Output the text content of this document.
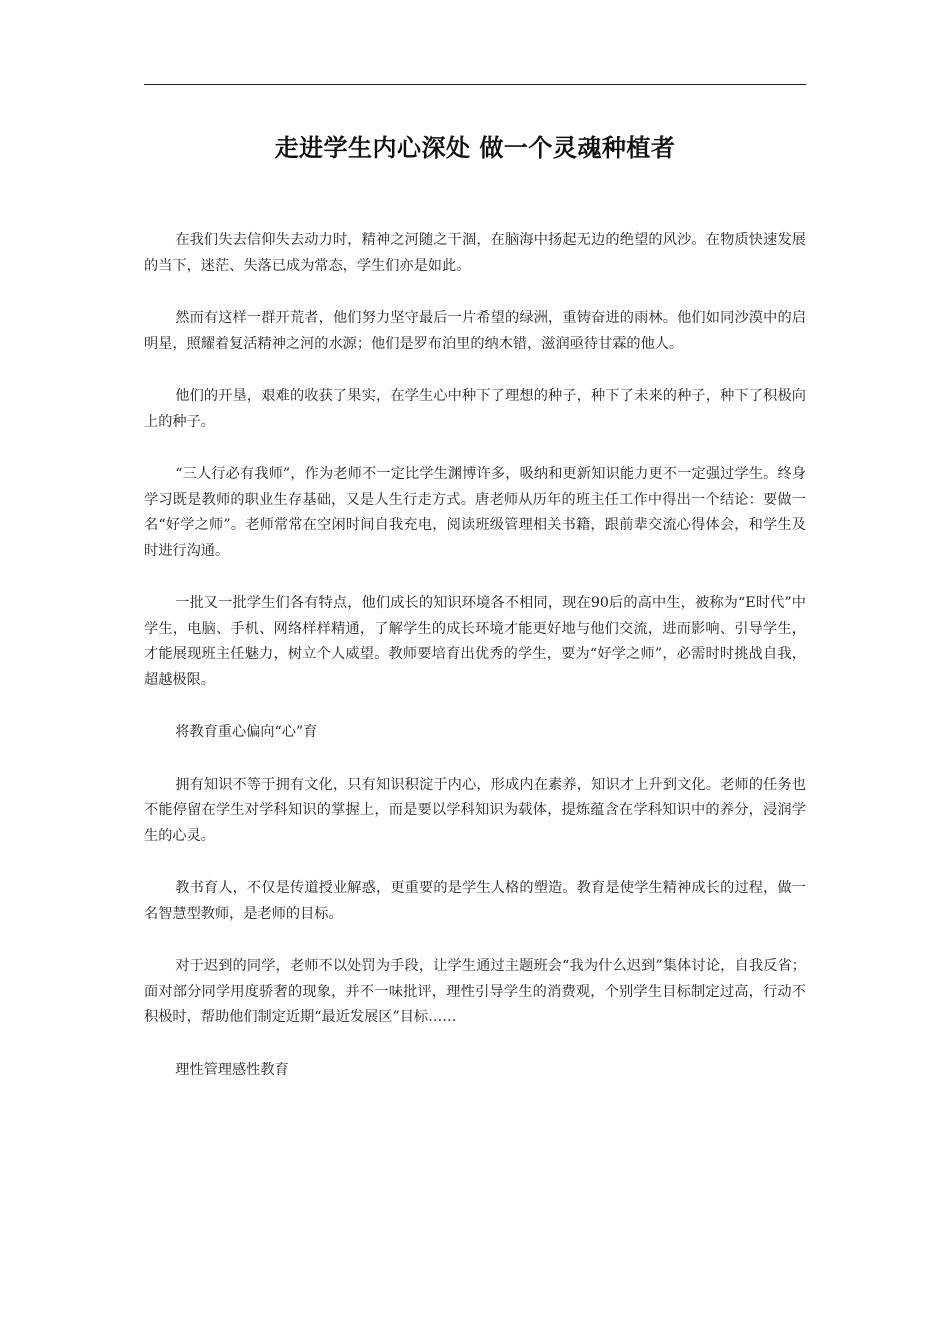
走进学生内心深处 做一个灵魂种植者

在我们失去信仰失去动力时，精神之河随之干涸，在脑海中扬起无边的绝望的风沙。在物质快速发展的当下，迷茫、失落已成为常态，学生们亦是如此。

然而有这样一群开荒者，他们努力坚守最后一片希望的绿洲，重铸奋进的雨林。他们如同沙漠中的启明星，照耀着复活精神之河的水源；他们是罗布泊里的纳木错，滋润亟待甘霖的他人。

他们的开垦，艰难的收获了果实，在学生心中种下了理想的种子，种下了未来的种子，种下了积极向上的种子。

“三人行必有我师”，作为老师不一定比学生渊博许多，吸纳和更新知识能力更不一定强过学生。终身学习既是教师的职业生存基础，又是人生行走方式。唐老师从历年的班主任工作中得出一个结论：要做一名“好学之师”。老师常常在空闲时间自我充电，阅读班级管理相关书籍，跟前辈交流心得体会，和学生及时进行沟通。

一批又一批学生们各有特点，他们成长的知识环境各不相同，现在90后的高中生，被称为“E时代”中学生，电脑、手机、网络样样精通，了解学生的成长环境才能更好地与他们交流，进而影响、引导学生，才能展现班主任魅力，树立个人威望。教师要培育出优秀的学生，要为“好学之师”，必需时时挑战自我，超越极限。

将教育重心偏向“心”育

拥有知识不等于拥有文化，只有知识积淀于内心，形成内在素养，知识才上升到文化。老师的任务也不能停留在学生对学科知识的掌握上，而是要以学科知识为载体，提炼蕴含在学科知识中的养分，浸润学生的心灵。

教书育人，不仅是传道授业解惑，更重要的是学生人格的塑造。教育是使学生精神成长的过程，做一名智慧型教师，是老师的目标。

对于迟到的同学，老师不以处罚为手段，让学生通过主题班会“我为什么迟到”集体讨论，自我反省；面对部分同学用度骄奢的现象，并不一味批评，理性引导学生的消费观，个别学生目标制定过高，行动不积极时，帮助他们制定近期“最近发展区”目标……

理性管理感性教育
